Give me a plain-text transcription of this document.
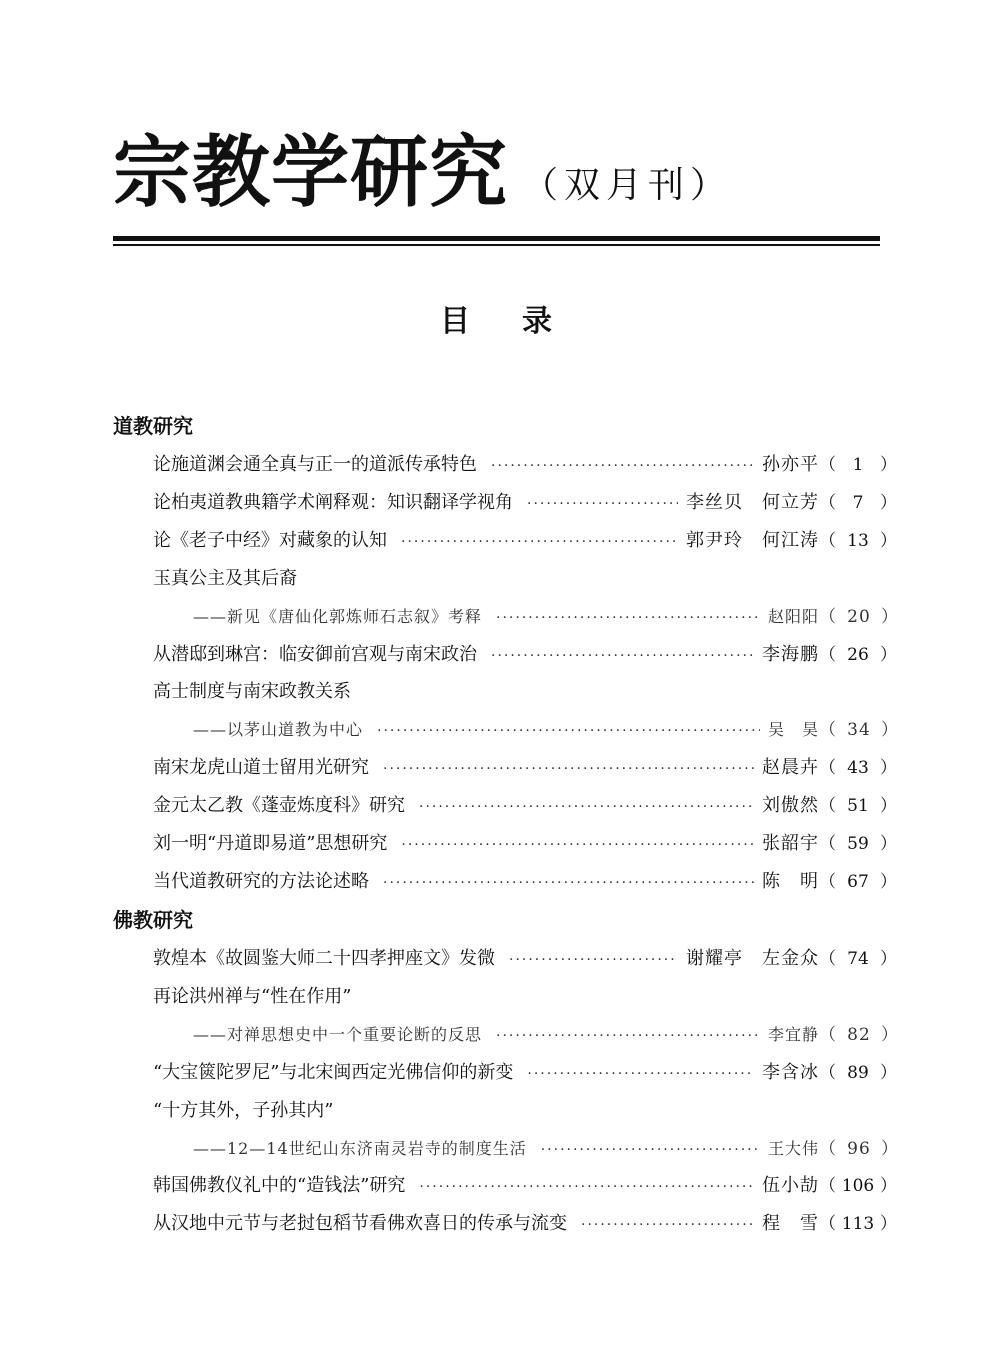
宗教学研究 （双月刊）
目录
道教研究
论施道渊会通全真与正一的道派传承特色 ·····	孙亦平 （ 1 ）
论柏夷道教典籍学术阐释观：知识翻译学视角 ·····	李丝贝　何立芳 （ 7 ）
论《老子中经》对藏象的认知 ·····	郭尹玲　何江涛 （ 13 ）
玉真公主及其后裔
——新见《唐仙化郭炼师石志叙》考释 ·····	赵阳阳 （ 20 ）
从潜邸到琳宫：临安御前宫观与南宋政治 ·····	李海鹏 （ 26 ）
高士制度与南宋政教关系
——以茅山道教为中心 ·····	吴　昊 （ 34 ）
南宋龙虎山道士留用光研究 ·····	赵晨卉 （ 43 ）
金元太乙教《蓬壶炼度科》研究 ·····	刘傲然 （ 51 ）
刘一明“丹道即易道”思想研究 ·····	张韶宇 （ 59 ）
当代道教研究的方法论述略 ·····	陈　明 （ 67 ）
佛教研究
敦煌本《故圆鉴大师二十四孝押座文》发微 ·····	谢耀亭　左金众 （ 74 ）
再论洪州禅与“性在作用”
——对禅思想史中一个重要论断的反思 ·····	李宜静 （ 82 ）
“大宝篋陀罗尼”与北宋闽西定光佛信仰的新变 ·····	李含冰 （ 89 ）
“十方其外，子孙其内”
——12—14世纪山东济南灵岩寺的制度生活 ·····	王大伟 （ 96 ）
韩国佛教仪礼中的“造钱法”研究 ·····	伍小劼 （ 106 ）
从汉地中元节与老挝包稻节看佛欢喜日的传承与流变 ·····	程　雪 （ 113 ）
